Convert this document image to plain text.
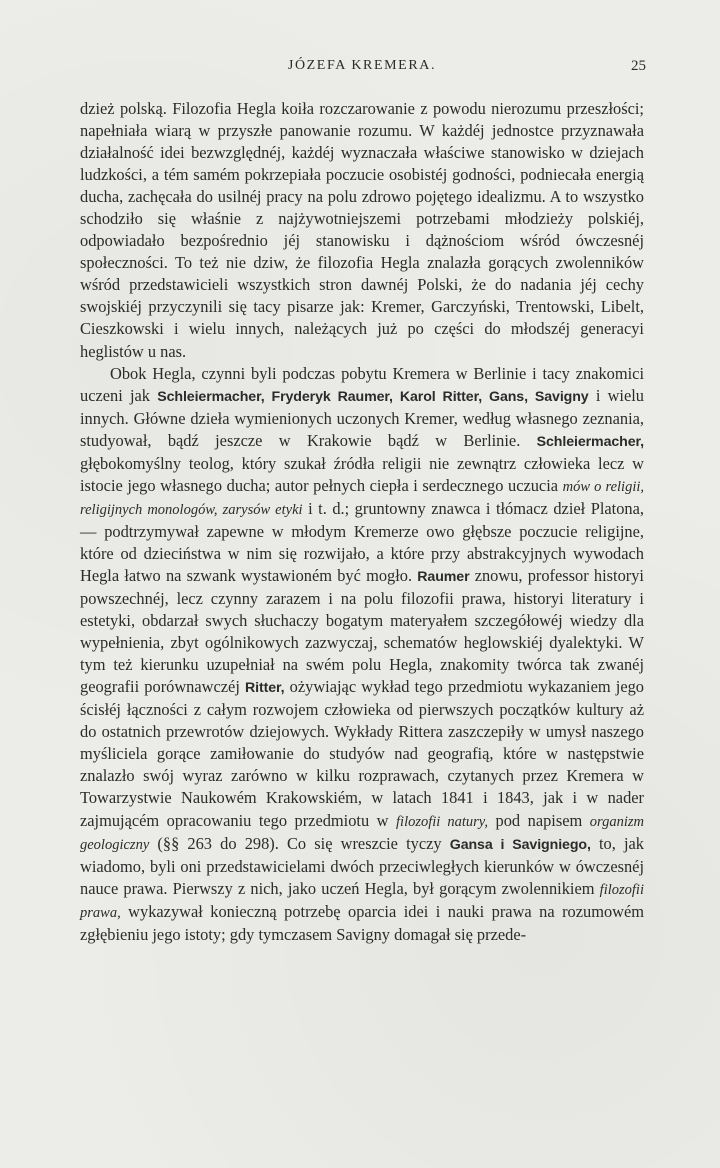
JÓZEFA KREMERA.	25

dzież polską. Filozofia Hegla koiła rozczarowanie z powodu nierozumu przeszłości; napełniała wiarą w przyszłe panowanie rozumu. W każdéj jednostce przyznawała działalność idei bezwzględnéj, każdéj wyznaczała właściwe stanowisko w dziejach ludzkości, a tém samém pokrzepiała poczucie osobistéj godności, podniecała energią ducha, zachęcała do usilnéj pracy na polu zdrowo pojętego idealizmu. A to wszystko schodziło się właśnie z najżywotniejszemi potrzebami młodzieży polskiéj, odpowiadało bezpośrednio jéj stanowisku i dążnościom wśród ówczesnéj społeczności. To też nie dziw, że filozofia Hegla znalazła gorących zwolenników wśród przedstawicieli wszystkich stron dawnéj Polski, że do nadania jéj cechy swojskiéj przyczynili się tacy pisarze jak: Kremer, Garczyński, Trentowski, Libelt, Cieszkowski i wielu innych, należących już po części do młodszéj generacyi heglistów u nas.

Obok Hegla, czynni byli podczas pobytu Kremera w Berlinie i tacy znakomici uczeni jak Schleiermacher, Fryderyk Raumer, Karol Ritter, Gans, Savigny i wielu innych. Główne dzieła wymienionych uczonych Kremer, według własnego zeznania, studyował, bądź jeszcze w Krakowie bądź w Berlinie. Schleiermacher, głębokomyślny teolog, który szukał źródła religii nie zewnątrz człowieka lecz w istocie jego własnego ducha; autor pełnych ciepła i serdecznego uczucia mów o religii, religijnych monologów, zarysów etyki i t. d.; gruntowny znawca i tłómacz dzieł Platona, — podtrzymywał zapewne w młodym Kremerze owo głębsze poczucie religijne, które od dzieciństwa w nim się rozwijało, a które przy abstrakcyjnych wywodach Hegla łatwo na szwank wystawioném być mogło. Raumer znowu, professor historyi powszechnéj, lecz czynny zarazem i na polu filozofii prawa, historyi literatury i estetyki, obdarzał swych słuchaczy bogatym materyałem szczegółowéj wiedzy dla wypełnienia, zbyt ogólnikowych zazwyczaj, schematów heglowskiéj dyalektyki. W tym też kierunku uzupełniał na swém polu Hegla, znakomity twórca tak zwanéj geografii porównawczéj Ritter, ożywiając wykład tego przedmiotu wykazaniem jego ścisłéj łączności z całym rozwojem człowieka od pierwszych początków kultury aż do ostatnich przewrotów dziejowych. Wykłady Rittera zaszczepiły w umysł naszego myśliciela gorące zamiłowanie do studyów nad geografią, które w następstwie znalazło swój wyraz zarówno w kilku rozprawach, czytanych przez Kremera w Towarzystwie Naukowém Krakowskiém, w latach 1841 i 1843, jak i w nader zajmującém opracowaniu tego przedmiotu w filozofii natury, pod napisem organizm geologiczny (§§ 263 do 298). Co się wreszcie tyczy Gansa i Savigniego, to, jak wiadomo, byli oni przedstawicielami dwóch przeciwległych kierunków w ówczesnéj nauce prawa. Pierwszy z nich, jako uczeń Hegla, był gorącym zwolennikiem filozofii prawa, wykazywał konieczną potrzebę oparcia idei i nauki prawa na rozumowém zgłębieniu jego istoty; gdy tymczasem Savigny domagał się przede-
